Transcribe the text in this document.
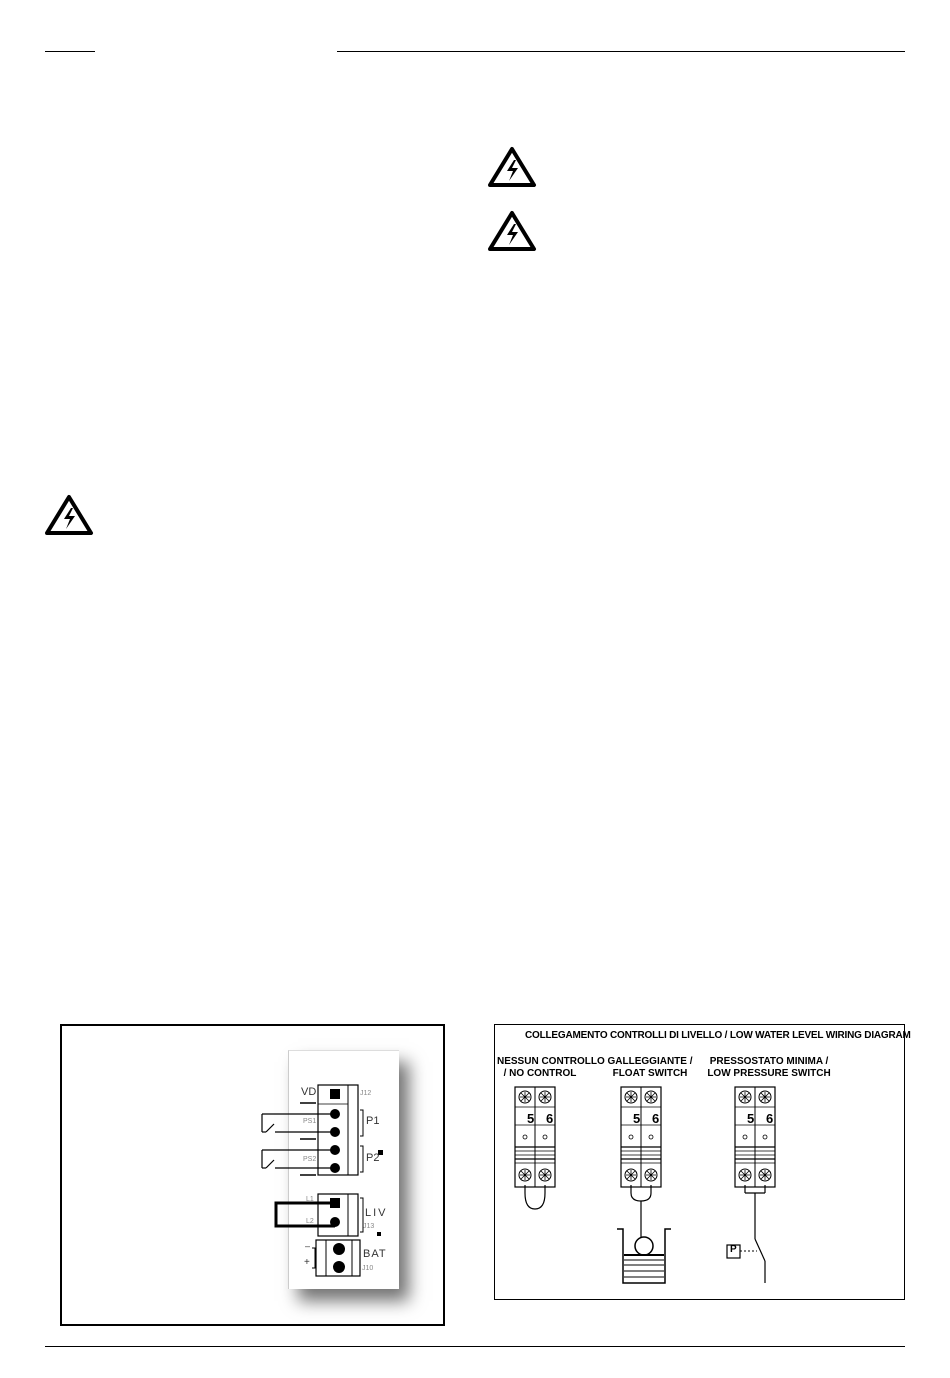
VD	J12
PS1	P1
PS2	P2
L1
L2
LIV
J13
–
+
BAT
J10
COLLEGAMENTO CONTROLLI DI LIVELLO / LOW WATER LEVEL WIRING DIAGRAM
NESSUN CONTROLLO
/ NO CONTROL
GALLEGGIANTE /
FLOAT SWITCH
PRESSOSTATO MINIMA /
LOW PRESSURE SWITCH
5 6	5 6	5 6
P
